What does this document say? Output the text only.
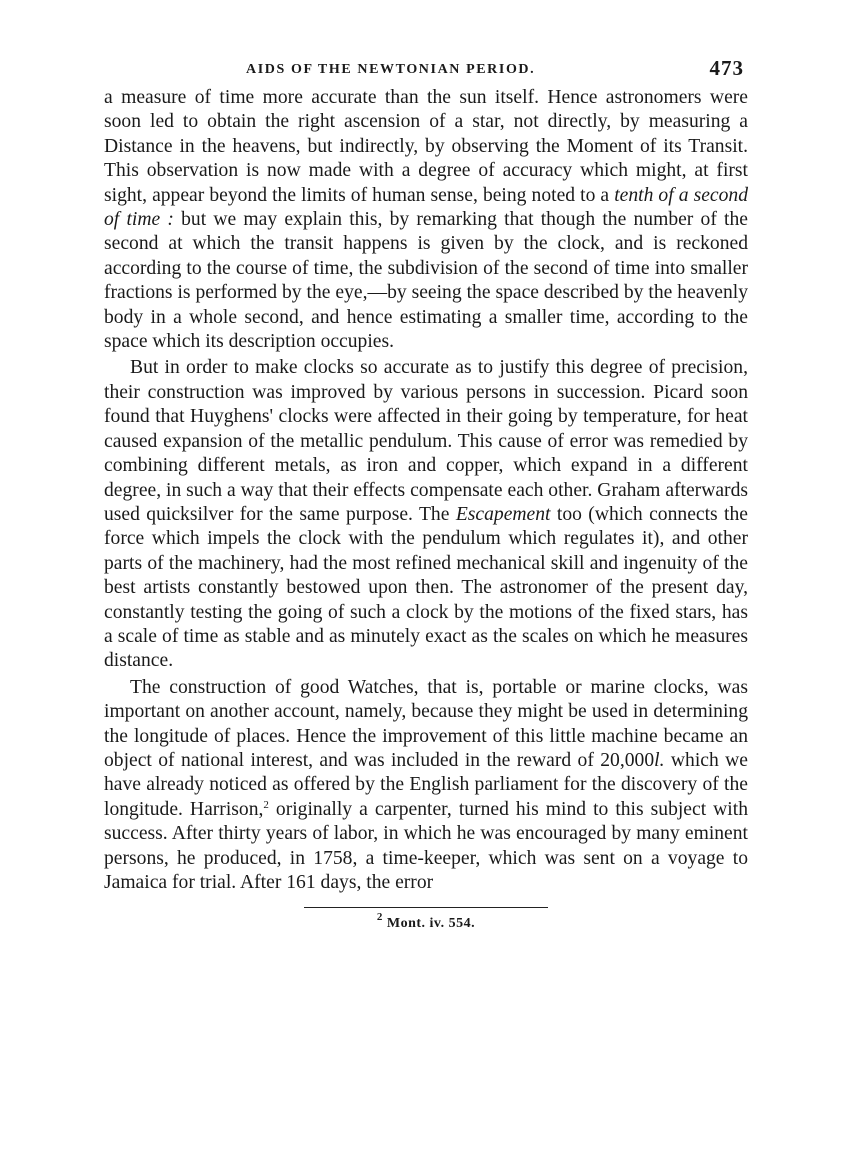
AIDS OF THE NEWTONIAN PERIOD.	473

a measure of time more accurate than the sun itself. Hence astronomers were soon led to obtain the right ascension of a star, not directly, by measuring a Distance in the heavens, but indirectly, by observing the Moment of its Transit. This observation is now made with a degree of accuracy which might, at first sight, appear beyond the limits of human sense, being noted to a tenth of a second of time : but we may explain this, by remarking that though the number of the second at which the transit happens is given by the clock, and is reckoned according to the course of time, the subdivision of the second of time into smaller fractions is performed by the eye,—by seeing the space described by the heavenly body in a whole second, and hence estimating a smaller time, according to the space which its description occupies.

But in order to make clocks so accurate as to justify this degree of precision, their construction was improved by various persons in succession. Picard soon found that Huyghens' clocks were affected in their going by temperature, for heat caused expansion of the metallic pendulum. This cause of error was remedied by combining different metals, as iron and copper, which expand in a different degree, in such a way that their effects compensate each other. Graham afterwards used quicksilver for the same purpose. The Escapement too (which connects the force which impels the clock with the pendulum which regulates it), and other parts of the machinery, had the most refined mechanical skill and ingenuity of the best artists constantly bestowed upon then. The astronomer of the present day, constantly testing the going of such a clock by the motions of the fixed stars, has a scale of time as stable and as minutely exact as the scales on which he measures distance.

The construction of good Watches, that is, portable or marine clocks, was important on another account, namely, because they might be used in determining the longitude of places. Hence the improvement of this little machine became an object of national interest, and was included in the reward of 20,000l. which we have already noticed as offered by the English parliament for the discovery of the longitude. Harrison,$^2$ originally a carpenter, turned his mind to this subject with success. After thirty years of labor, in which he was encouraged by many eminent persons, he produced, in 1758, a time-keeper, which was sent on a voyage to Jamaica for trial. After 161 days, the error

$^2$ Mont. iv. 554.
